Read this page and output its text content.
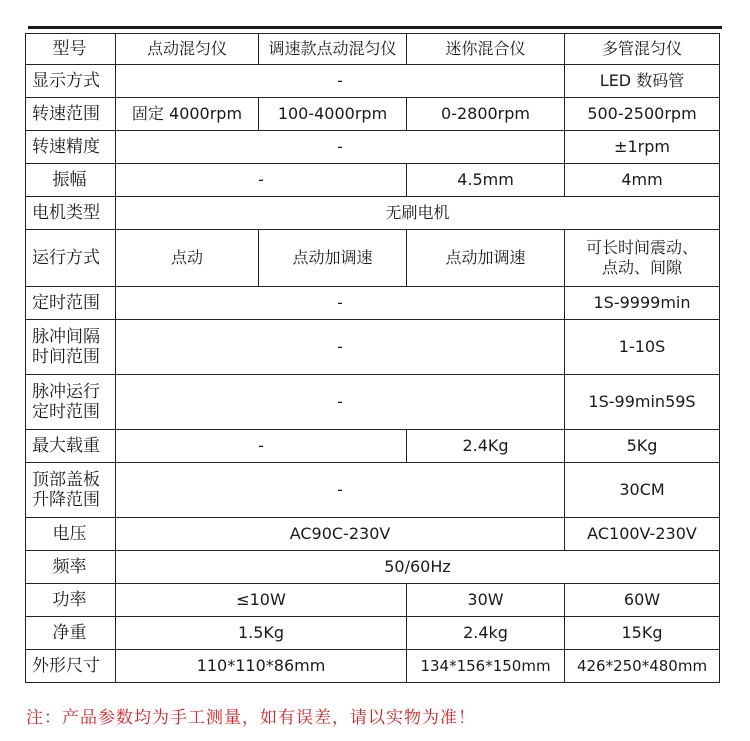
型号	点动混匀仪	调速款点动混匀仪	迷你混合仪	多管混匀仪
显示方式	-			LED 数码管
转速范围	固定 4000rpm	100-4000rpm	0-2800rpm	500-2500rpm
转速精度	-			±1rpm
振幅	-		4.5mm	4mm
电机类型	无刷电机			
运行方式	点动	点动加调速	点动加调速	可长时间震动、
点动、间隙

定时范围	-			1S-9999min

脉冲间隔
时间范围	-			1-10S

脉冲运行
定时范围	-			1S-99min59S
最大载重	-		2.4Kg	5Kg

顶部盖板
升降范围	-			30CM
电压	AC90C-230V			AC100V-230V
频率	50/60Hz			
功率	≤10W		30W	60W
净重	1.5Kg		2.4kg	15Kg
外形尺寸	110*110*86mm		134*156*150mm	426*250*480mm
注：产品参数均为手工测量，如有误差，请以实物为准！
